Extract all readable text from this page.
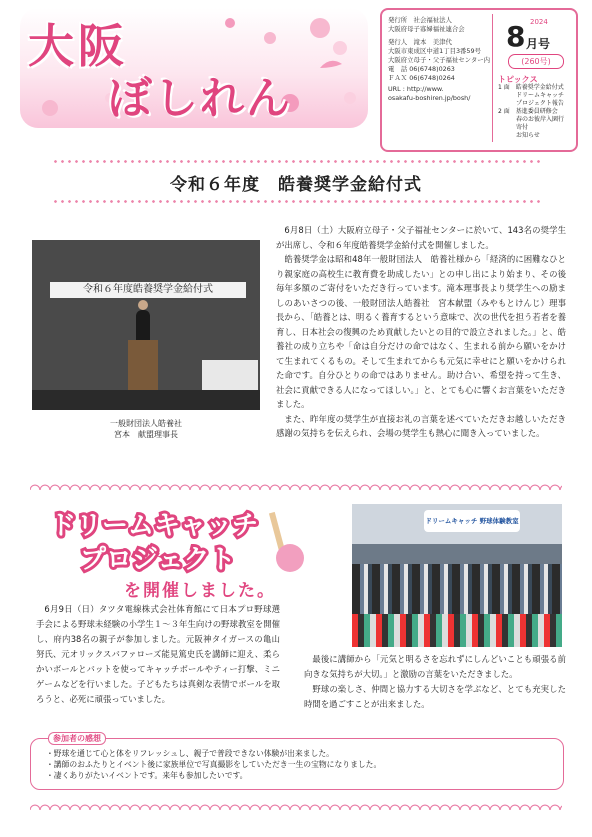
大阪
ぼしれん
発行所　社会福祉法人
大阪府母子寡婦福祉連合会
発行人　滝本　美津代
大阪市東成区中道1丁目3番59号
大阪府立母子・父子福祉センター内
電　話 06(6748)0263
ＦＡＸ 06(6748)0264
URL : http://www.
osakafu-boshiren.jp/bosh/
2024
8 月号
(260号)
トピックス
1 面　皓養奨学金給付式
　　　ドリームキャッチ
　　　プロジェクト報告
2 面　基進委員研修会
　　　春のお彼岸入園行
　　　寄付
　　　お知らせ
令和６年度　皓養奨学金給付式
令和６年度皓養奨学金給付式
一般財団法人皓養社
宮本　献盟理事長
6月8日（土）大阪府立母子・父子福祉センターに於いて、143名の奨学生が出席し、令和６年度皓養奨学金給付式を開催しました。
皓養奨学金は昭和48年一般財団法人　皓養社様から「経済的に困難なひとり親家庭の高校生に教育費を助成したい」との申し出により始まり、その後毎年多額のご寄付をいただき行っています。滝本理事長より奨学生への励ましのあいさつの後、一般財団法人皓養社　宮本献盟（みやもとけんじ）理事長から、「皓養とは、明るく養育するという意味で、次の世代を担う若者を養育し、日本社会の復興のため貢献したいとの目的で設立されました。」と、皓養社の成り立ちや「命は自分だけの命ではなく、生まれる前から願いをかけて生まれてくるもの。そして生まれてからも元気に幸せにと願いをかけられた命です。自分ひとりの命ではありません。助け合い、希望を持って生き、社会に貢献できる人になってほしい。」と、とても心に響くお言葉をいただきました。
また、昨年度の奨学生が直接お礼の言葉を述べていただきお越しいただき感謝の気持ちを伝えられ、会場の奨学生も熱心に聞き入っていました。
ドリームキャッチ
プロジェクト
を開催しました。
6月9日（日）タツタ電線株式会社体育館にて日本プロ野球選手会による野球未経験の小学生１〜３年生向けの野球教室を開催し、府内38名の親子が参加しました。元阪神タイガースの亀山努氏、元オリックスバファローズ能見篤史氏を講師に迎え、柔らかいボールとバットを使ってキャッチボールやティー打撃、ミニゲームなどを行いました。子どもたちは真剣な表情でボールを取ろうと、必死に頑張っていました。
ドリームキャッチ 野球体験教室
最後に講師から「元気と明るさを忘れずにしんどいことも頑張る前向きな気持ちが大切。」と激励の言葉をいただきました。
野球の楽しさ、仲間と協力する大切さを学ぶなど、とても充実した時間を過ごすことが出来ました。
参加者の感想
・野球を通じて心と体をリフレッシュし、親子で普段できない体験が出来ました。
・講師のおふたりとイベント後に家族単位で写真撮影をしていただき一生の宝物になりました。
・凄くありがたいイベントです。来年も参加したいです。
